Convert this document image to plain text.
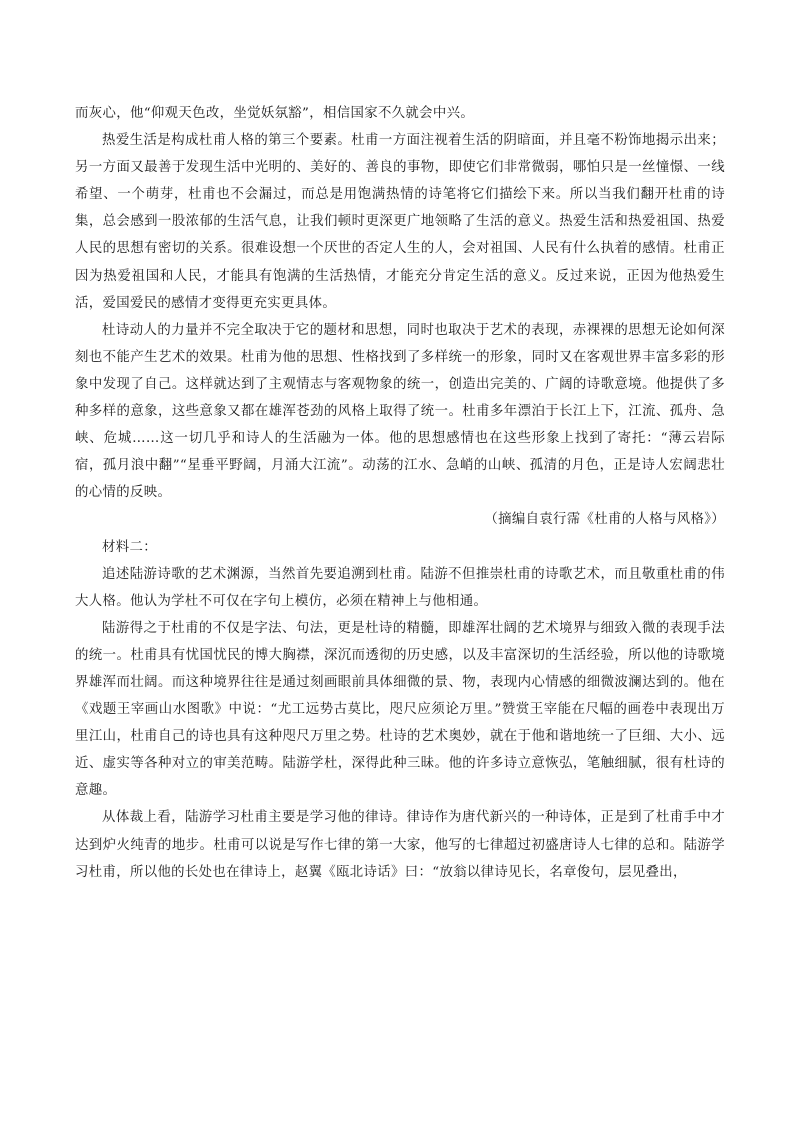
而灰心，他“仰观天色改，坐觉妖氛豁”，相信国家不久就会中兴。

热爱生活是构成杜甫人格的第三个要素。杜甫一方面注视着生活的阴暗面，并且毫不粉饰地揭示出来；另一方面又最善于发现生活中光明的、美好的、善良的事物，即使它们非常微弱，哪怕只是一丝憧憬、一线希望、一个萌芽，杜甫也不会漏过，而总是用饱满热情的诗笔将它们描绘下来。所以当我们翻开杜甫的诗集，总会感到一股浓郁的生活气息，让我们顿时更深更广地领略了生活的意义。热爱生活和热爱祖国、热爱人民的思想有密切的关系。很难设想一个厌世的否定人生的人，会对祖国、人民有什么执着的感情。杜甫正因为热爱祖国和人民，才能具有饱满的生活热情，才能充分肯定生活的意义。反过来说，正因为他热爱生活，爱国爱民的感情才变得更充实更具体。

杜诗动人的力量并不完全取决于它的题材和思想，同时也取决于艺术的表现，赤裸裸的思想无论如何深刻也不能产生艺术的效果。杜甫为他的思想、性格找到了多样统一的形象，同时又在客观世界丰富多彩的形象中发现了自己。这样就达到了主观情志与客观物象的统一，创造出完美的、广阔的诗歌意境。他提供了多种多样的意象，这些意象又都在雄浑苍劲的风格上取得了统一。杜甫多年漂泊于长江上下，江流、孤舟、急峡、危城……这一切几乎和诗人的生活融为一体。他的思想感情也在这些形象上找到了寄托：“薄云岩际宿，孤月浪中翻”“星垂平野阔，月涌大江流”。动荡的江水、急峭的山峡、孤清的月色，正是诗人宏阔悲壮的心情的反映。

（摘编自袁行霈《杜甫的人格与风格》）

材料二：

追述陆游诗歌的艺术渊源，当然首先要追溯到杜甫。陆游不但推崇杜甫的诗歌艺术，而且敬重杜甫的伟大人格。他认为学杜不可仅在字句上模仿，必须在精神上与他相通。

陆游得之于杜甫的不仅是字法、句法，更是杜诗的精髓，即雄浑壮阔的艺术境界与细致入微的表现手法的统一。杜甫具有忧国忧民的博大胸襟，深沉而透彻的历史感，以及丰富深切的生活经验，所以他的诗歌境界雄浑而壮阔。而这种境界往往是通过刻画眼前具体细微的景、物，表现内心情感的细微波澜达到的。他在《戏题王宰画山水图歌》中说：“尤工远势古莫比，咫尺应须论万里。”赞赏王宰能在尺幅的画卷中表现出万里江山，杜甫自己的诗也具有这种咫尺万里之势。杜诗的艺术奥妙，就在于他和谐地统一了巨细、大小、远近、虚实等各种对立的审美范畴。陆游学杜，深得此种三昧。他的许多诗立意恢弘，笔触细腻，很有杜诗的意趣。

从体裁上看，陆游学习杜甫主要是学习他的律诗。律诗作为唐代新兴的一种诗体，正是到了杜甫手中才达到炉火纯青的地步。杜甫可以说是写作七律的第一大家，他写的七律超过初盛唐诗人七律的总和。陆游学习杜甫，所以他的长处也在律诗上，赵翼《瓯北诗话》曰：“放翁以律诗见长，名章俊句，层见叠出，
